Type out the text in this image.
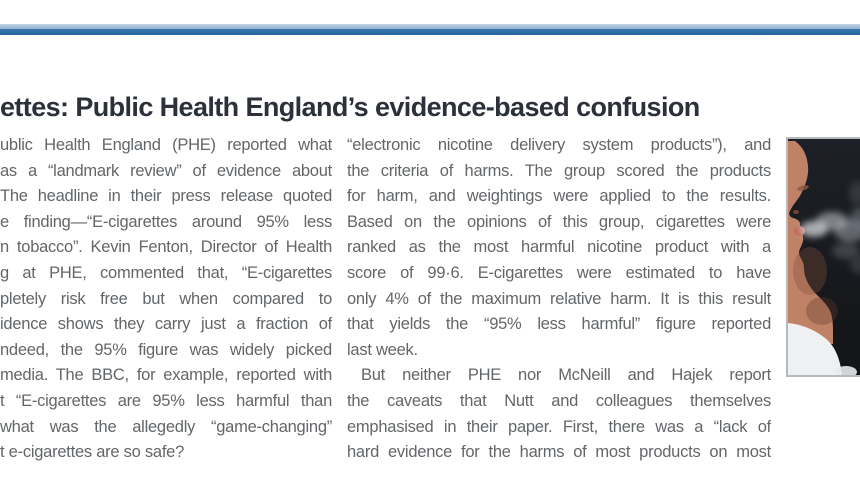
ettes: Public Health England’s evidence-based confusion
ublic Health England (PHE) reported what
as a “landmark review” of evidence about
The headline in their press release quoted
e finding—“E-cigarettes around 95% less
n tobacco”. Kevin Fenton, Director of Health
g at PHE, commented that, “E-cigarettes
pletely risk free but when compared to
idence shows they carry just a fraction of
ndeed, the 95% figure was widely picked
media. The BBC, for example, reported with
t “E-cigarettes are 95% less harmful than
what was the allegedly “game-changing”
t e-cigarettes are so safe?
“electronic nicotine delivery system products”), and
the criteria of harms. The group scored the products
for harm, and weightings were applied to the results.
Based on the opinions of this group, cigarettes were
ranked as the most harmful nicotine product with a
score of 99·6. E-cigarettes were estimated to have
only 4% of the maximum relative harm. It is this result
that yields the “95% less harmful” figure reported
last week.
But neither PHE nor McNeill and Hajek report
the caveats that Nutt and colleagues themselves
emphasised in their paper. First, there was a “lack of
hard evidence for the harms of most products on most
